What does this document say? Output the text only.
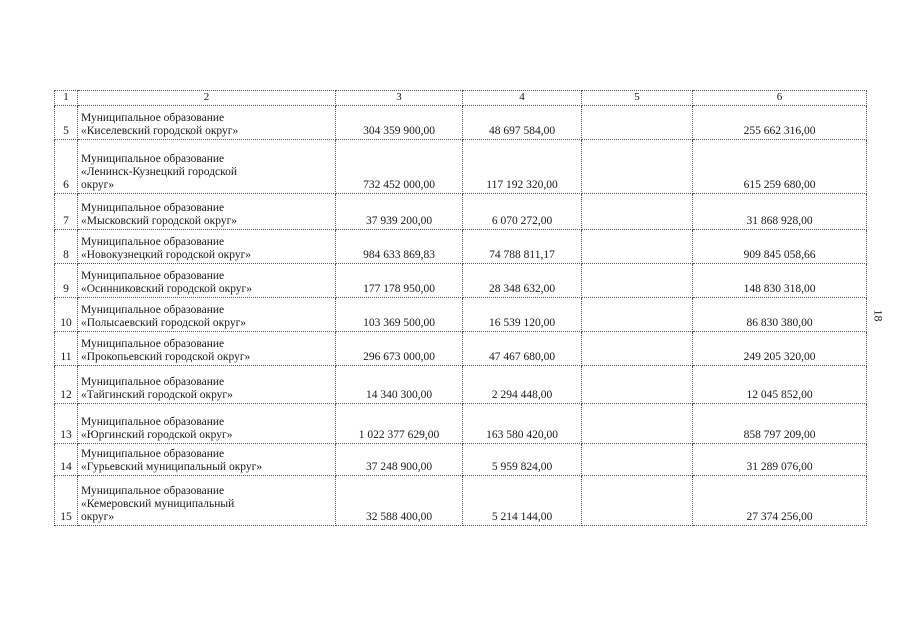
1	2	3	4	5	6
5	Муниципальное образование
«Киселевский городской округ»	304 359 900,00	48 697 584,00		255 662 316,00
6	Муниципальное образование
«Ленинск-Кузнецкий городской
округ»	732 452 000,00	117 192 320,00		615 259 680,00
7	Муниципальное образование
«Мысковский городской округ»	37 939 200,00	6 070 272,00		31 868 928,00
8	Муниципальное образование
«Новокузнецкий городской округ»	984 633 869,83	74 788 811,17		909 845 058,66
9	Муниципальное образование
«Осинниковский городской округ»	177 178 950,00	28 348 632,00		148 830 318,00
10	Муниципальное образование
«Полысаевский городской округ»	103 369 500,00	16 539 120,00		86 830 380,00
11	Муниципальное образование
«Прокопьевский городской округ»	296 673 000,00	47 467 680,00		249 205 320,00
12	Муниципальное образование
«Тайгинский городской округ»	14 340 300,00	2 294 448,00		12 045 852,00
13	Муниципальное образование
«Юргинский городской округ»	1 022 377 629,00	163 580 420,00		858 797 209,00
14	Муниципальное образование
«Гурьевский муниципальный округ»	37 248 900,00	5 959 824,00		31 289 076,00
15	Муниципальное образование
«Кемеровский муниципальный
округ»	32 588 400,00	5 214 144,00		27 374 256,00
18
